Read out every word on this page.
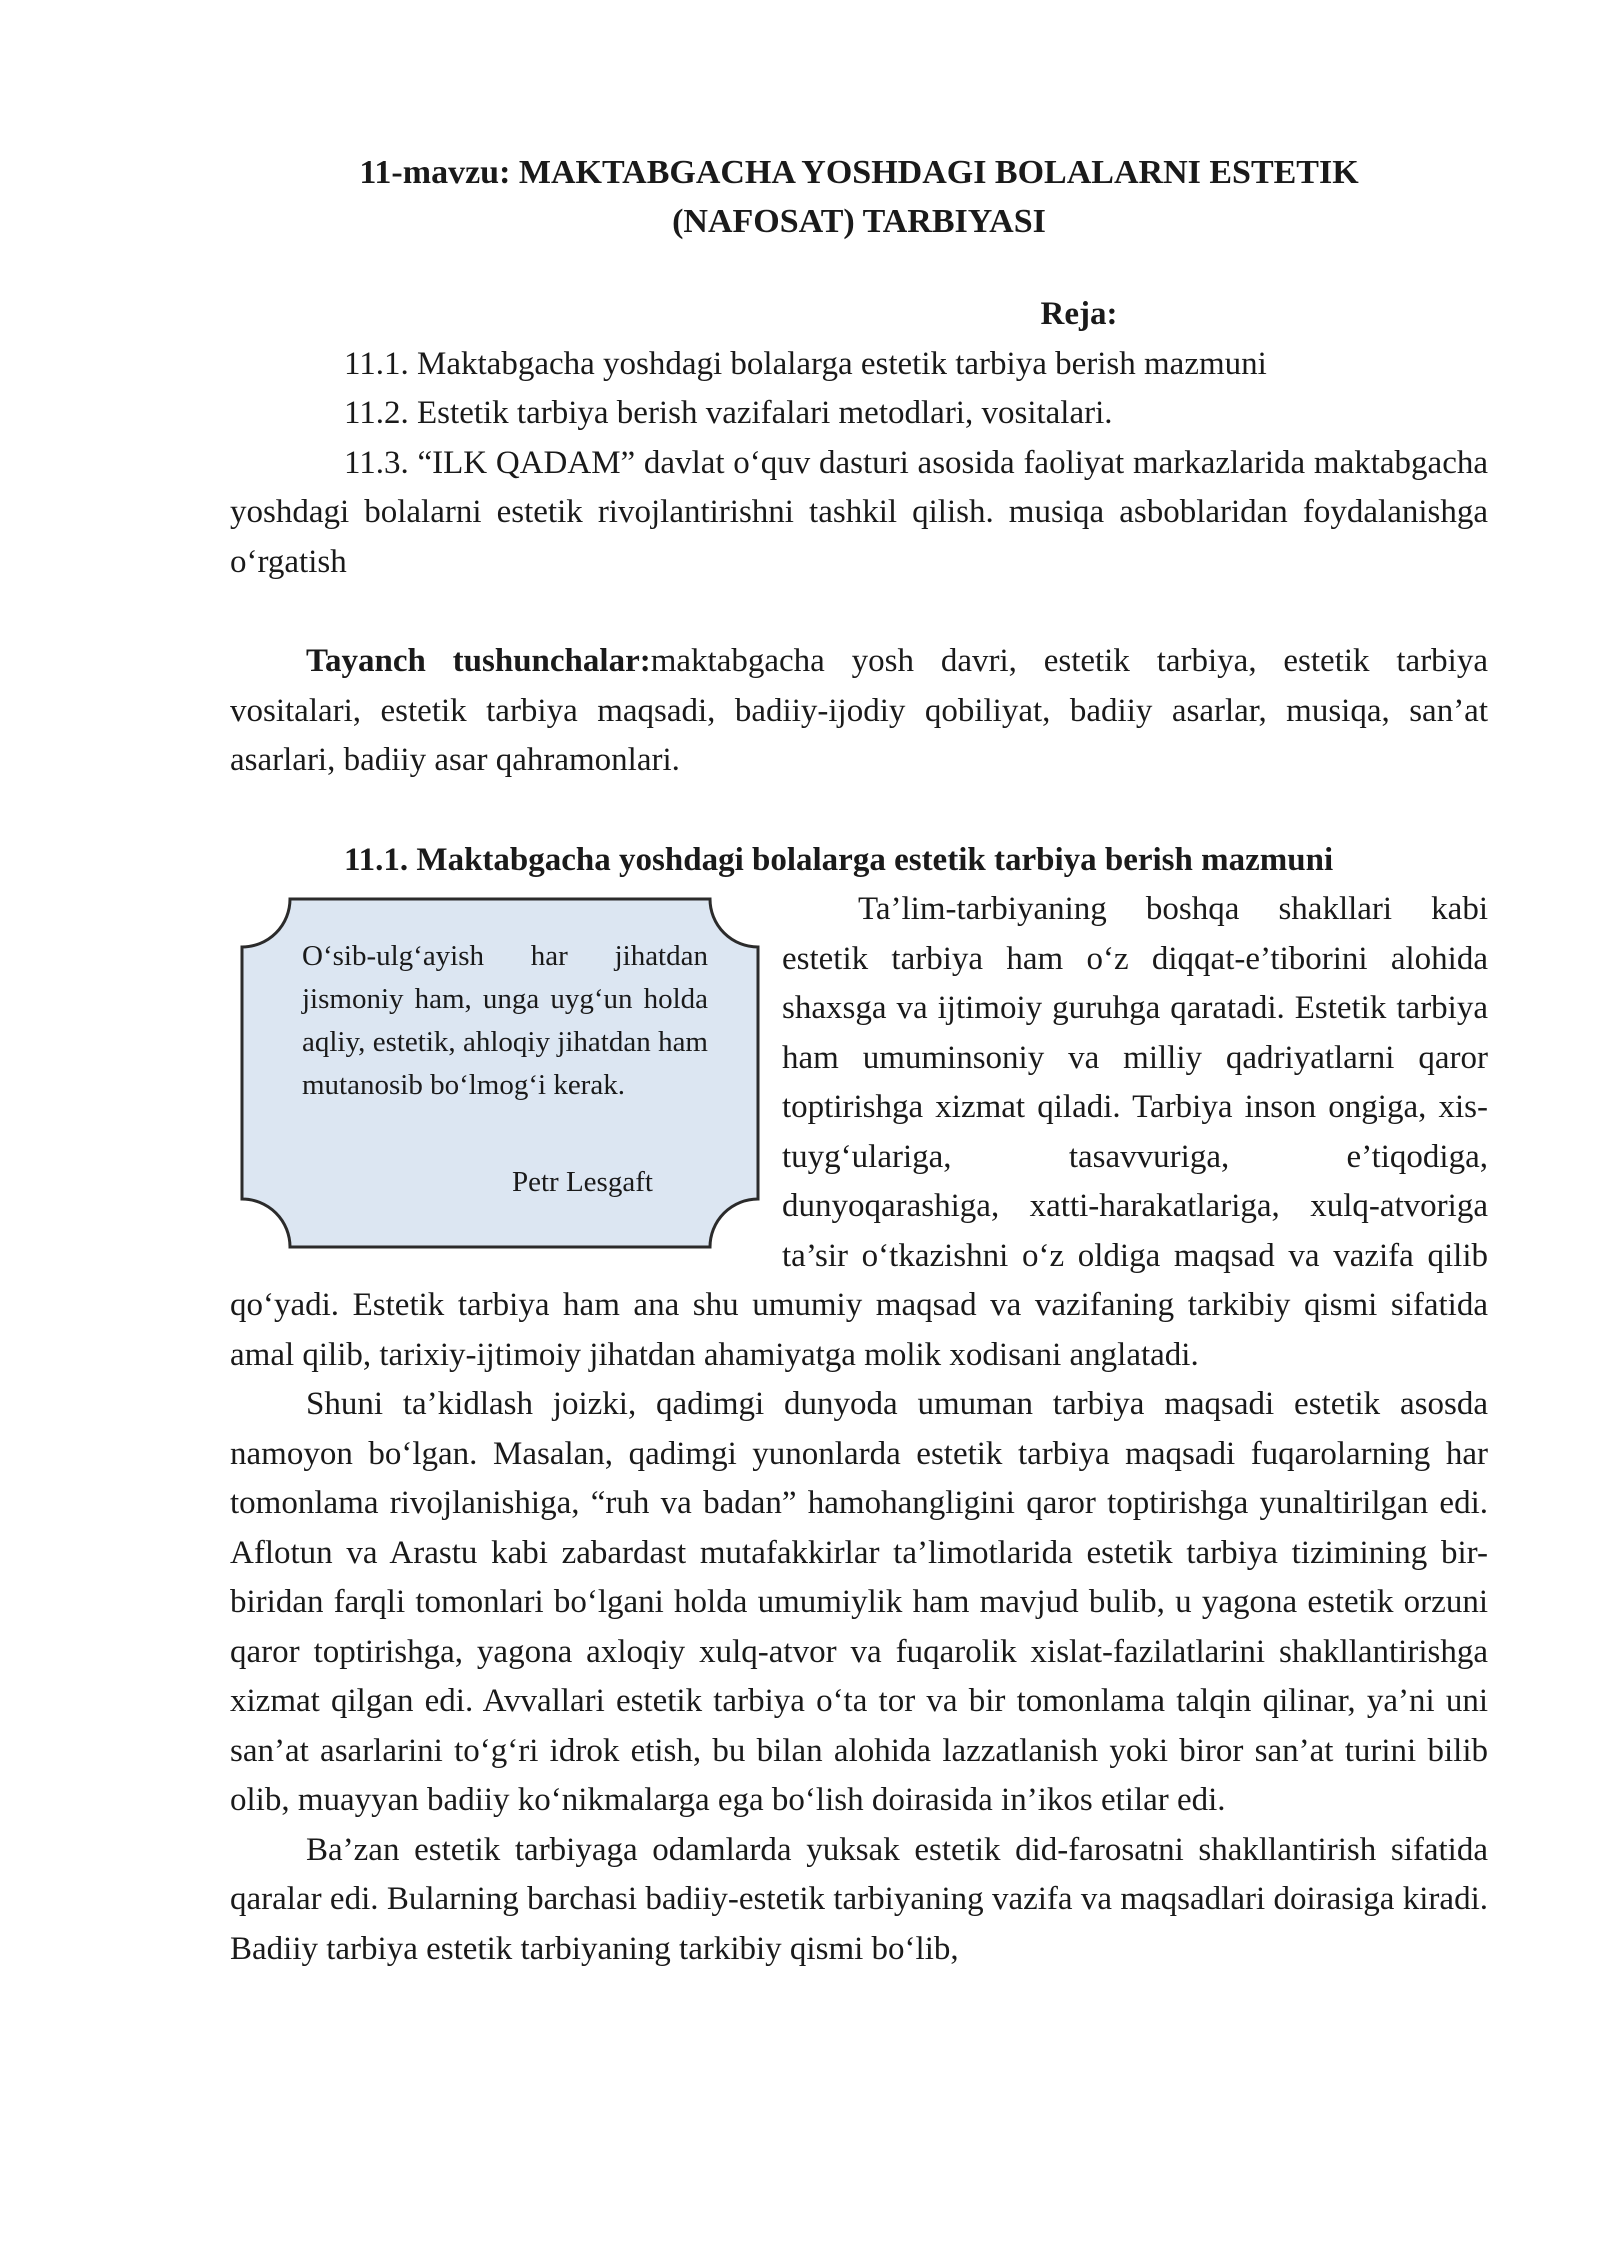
11-mavzu: MAKTABGACHA YOSHDAGI BOLALARNI ESTETIK
(NAFOSAT) TARBIYASI

Reja:

11.1. Maktabgacha yoshdagi bolalarga estetik tarbiya berish mazmuni

11.2. Estetik tarbiya berish vazifalari metodlari, vositalari.

11.3. “ILK QADAM” davlat o‘quv dasturi asosida faoliyat markazlarida maktabgacha yoshdagi bolalarni estetik rivojlantirishni tashkil qilish. musiqa asboblaridan foydalanishga o‘rgatish

Tayanch tushunchalar:maktabgacha yosh davri, estetik tarbiya, estetik tarbiya vositalari, estetik tarbiya maqsadi, badiiy-ijodiy qobiliyat, badiiy asarlar, musiqa, san’at asarlari, badiiy asar qahramonlari.

11.1. Maktabgacha yoshdagi bolalarga estetik tarbiya berish mazmuni

O‘sib-ulg‘ayish har jihatdan jismoniy ham, unga uyg‘un holda aqliy, estetik, ahloqiy jihatdan ham mutanosib bo‘lmog‘i kerak.
Petr Lesgaft

Ta’lim-tarbiyaning boshqa shakllari kabi estetik tarbiya ham o‘z diqqat-e’tiborini alohida shaxsga va ijtimoiy guruhga qaratadi. Estetik tarbiya ham umuminsoniy va milliy qadriyatlarni qaror toptirishga xizmat qiladi. Tarbiya inson ongiga, xis-tuyg‘ulariga, tasavvuriga, e’tiqodiga, dunyoqarashiga, xatti-harakatlariga, xulq-atvoriga ta’sir o‘tkazishni o‘z oldiga maqsad va vazifa qilib qo‘yadi. Estetik tarbiya ham ana shu umumiy maqsad va vazifaning tarkibiy qismi sifatida amal qilib, tarixiy-ijtimoiy jihatdan ahamiyatga molik xodisani anglatadi.

Shuni ta’kidlash joizki, qadimgi dunyoda umuman tarbiya maqsadi estetik asosda namoyon bo‘lgan. Masalan, qadimgi yunonlarda estetik tarbiya maqsadi fuqarolarning har tomonlama rivojlanishiga, “ruh va badan” hamohangligini qaror toptirishga yunaltirilgan edi. Aflotun va Arastu kabi zabardast mutafakkirlar ta’limotlarida estetik tarbiya tizimining bir-biridan farqli tomonlari bo‘lgani holda umumiylik ham mavjud bulib, u yagona estetik orzuni qaror toptirishga, yagona axloqiy xulq-atvor va fuqarolik xislat-fazilatlarini shakllantirishga xizmat qilgan edi. Avvallari estetik tarbiya o‘ta tor va bir tomonlama talqin qilinar, ya’ni uni san’at asarlarini to‘g‘ri idrok etish, bu bilan alohida lazzatlanish yoki biror san’at turini bilib olib, muayyan badiiy ko‘nikmalarga ega bo‘lish doirasida in’ikos etilar edi.

Ba’zan estetik tarbiyaga odamlarda yuksak estetik did-farosatni shakllantirish sifatida qaralar edi. Bularning barchasi badiiy-estetik tarbiyaning vazifa va maqsadlari doirasiga kiradi. Badiiy tarbiya estetik tarbiyaning tarkibiy qismi bo‘lib,
